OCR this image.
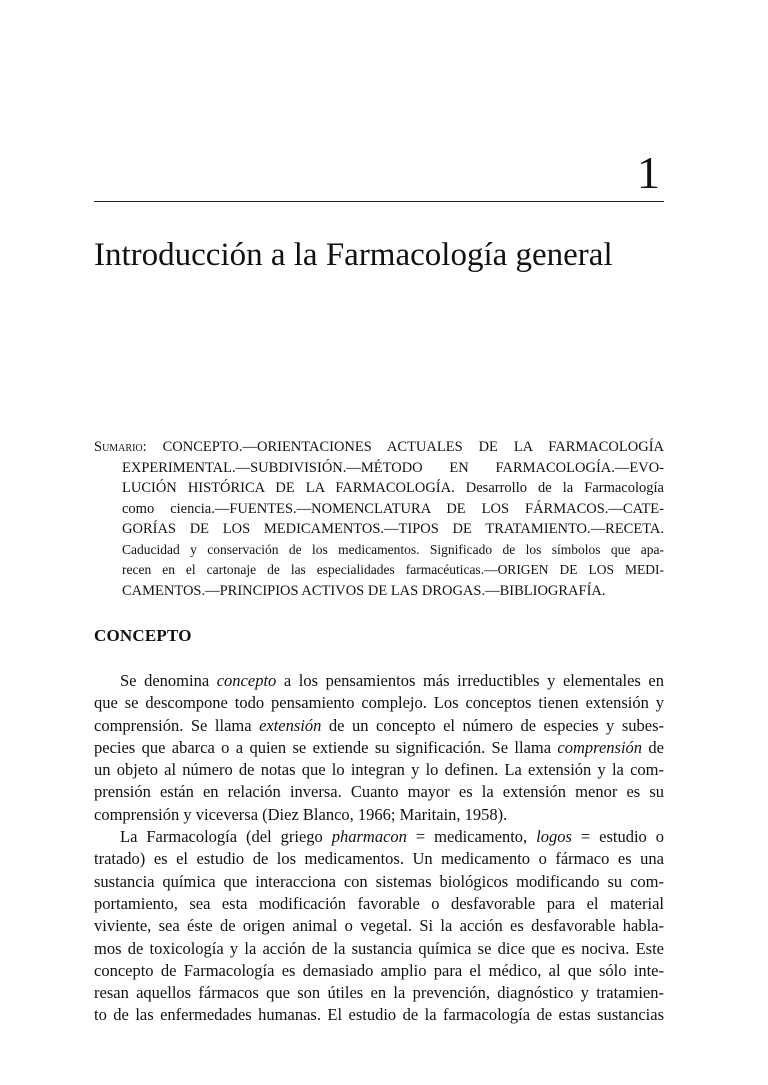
1
Introducción a la Farmacología general
Sumario: CONCEPTO.—ORIENTACIONES ACTUALES DE LA FARMACOLOGÍA
EXPERIMENTAL.—SUBDIVISIÓN.—MÉTODO EN FARMACOLOGÍA.—EVO-
LUCIÓN HISTÓRICA DE LA FARMACOLOGÍA. Desarrollo de la Farmacología
como ciencia.—FUENTES.—NOMENCLATURA DE LOS FÁRMACOS.—CATE-
GORÍAS DE LOS MEDICAMENTOS.—TIPOS DE TRATAMIENTO.—RECETA.
Caducidad y conservación de los medicamentos. Significado de los símbolos que apa-
recen en el cartonaje de las especialidades farmacéuticas.—ORIGEN DE LOS MEDI-
CAMENTOS.—PRINCIPIOS ACTIVOS DE LAS DROGAS.—BIBLIOGRAFÍA.
CONCEPTO
Se denomina concepto a los pensamientos más irreductibles y elementales en
que se descompone todo pensamiento complejo. Los conceptos tienen extensión y
comprensión. Se llama extensión de un concepto el número de especies y subes-
pecies que abarca o a quien se extiende su significación. Se llama comprensión de
un objeto al número de notas que lo integran y lo definen. La extensión y la com-
prensión están en relación inversa. Cuanto mayor es la extensión menor es su
comprensión y viceversa (Diez Blanco, 1966; Maritain, 1958).
La Farmacología (del griego pharmacon = medicamento, logos = estudio o
tratado) es el estudio de los medicamentos. Un medicamento o fármaco es una
sustancia química que interacciona con sistemas biológicos modificando su com-
portamiento, sea esta modificación favorable o desfavorable para el material
viviente, sea éste de origen animal o vegetal. Si la acción es desfavorable habla-
mos de toxicología y la acción de la sustancia química se dice que es nociva. Este
concepto de Farmacología es demasiado amplio para el médico, al que sólo inte-
resan aquellos fármacos que son útiles en la prevención, diagnóstico y tratamien-
to de las enfermedades humanas. El estudio de la farmacología de estas sustancias
